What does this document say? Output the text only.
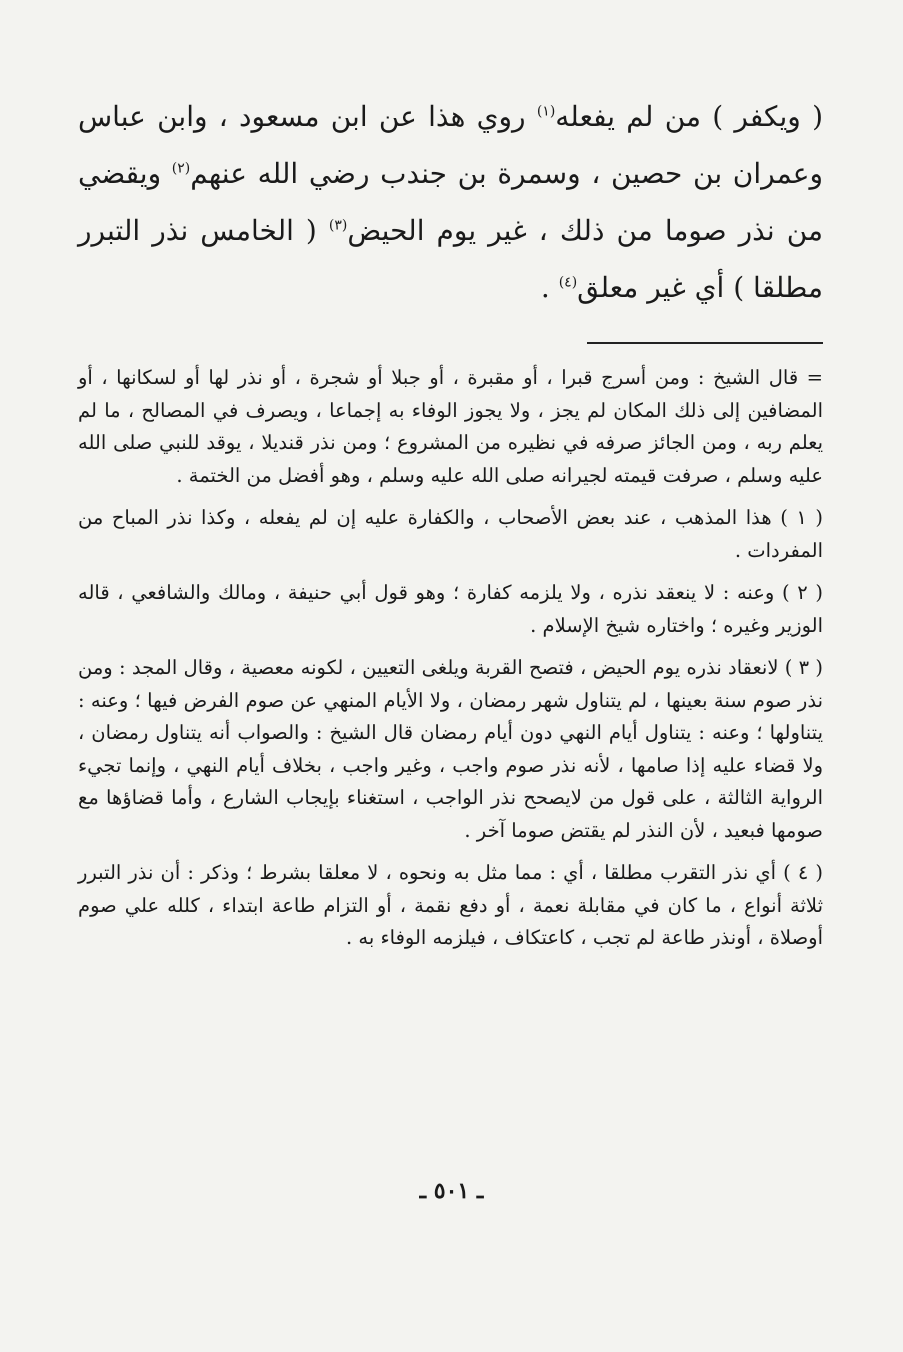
( ويكفر ) من لم يفعله$^{(١)}$ روي هذا عن ابن مسعود ، وابن عباس وعمران بن حصين ، وسمرة بن جندب رضي الله عنهم$^{(٢)}$ ويقضي من نذر صوما من ذلك ، غير يوم الحيض$^{(٣)}$ ( الخامس نذر التبرر مطلقا ) أي غير معلق$^{(٤)}$ .

= قال الشيخ : ومن أسرج قبرا ، أو مقبرة ، أو جبلا أو شجرة ، أو نذر لها أو لسكانها ، أو المضافين إلى ذلك المكان لم يجز ، ولا يجوز الوفاء به إجماعا ، ويصرف في المصالح ، ما لم يعلم ربه ، ومن الجائز صرفه في نظيره من المشروع ؛ ومن نذر قنديلا ، يوقد للنبي صلى الله عليه وسلم ، صرفت قيمته لجيرانه صلى الله عليه وسلم ، وهو أفضل من الختمة .

( ١ ) هذا المذهب ، عند بعض الأصحاب ، والكفارة عليه إن لم يفعله ، وكذا نذر المباح من المفردات .

( ٢ ) وعنه : لا ينعقد نذره ، ولا يلزمه كفارة ؛ وهو قول أبي حنيفة ، ومالك والشافعي ، قاله الوزير وغيره ؛ واختاره شيخ الإسلام .

( ٣ ) لانعقاد نذره يوم الحيض ، فتصح القربة ويلغى التعيين ، لكونه معصية ، وقال المجد : ومن نذر صوم سنة بعينها ، لم يتناول شهر رمضان ، ولا الأيام المنهي عن صوم الفرض فيها ؛ وعنه : يتناولها ؛ وعنه : يتناول أيام النهي دون أيام رمضان قال الشيخ : والصواب أنه يتناول رمضان ، ولا قضاء عليه إذا صامها ، لأنه نذر صوم واجب ، وغير واجب ، بخلاف أيام النهي ، وإنما تجيء الرواية الثالثة ، على قول من لايصحح نذر الواجب ، استغناء بإيجاب الشارع ، وأما قضاؤها مع صومها فبعيد ، لأن النذر لم يقتض صوما آخر .

( ٤ ) أي نذر التقرب مطلقا ، أي : مما مثل به ونحوه ، لا معلقا بشرط ؛ وذكر : أن نذر التبرر ثلاثة أنواع ، ما كان في مقابلة نعمة ، أو دفع نقمة ، أو التزام طاعة ابتداء ، كلله علي صوم أوصلاة ، أونذر طاعة لم تجب ، كاعتكاف ، فيلزمه الوفاء به .

ـ ٥٠١ ـ
